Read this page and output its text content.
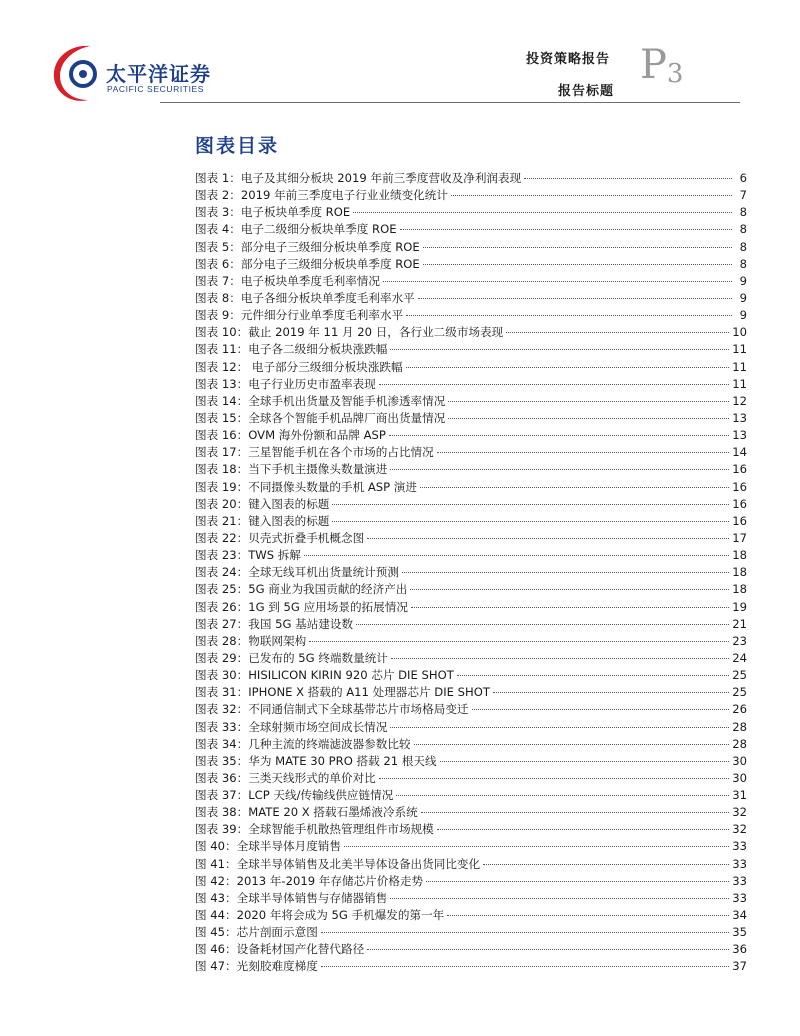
太平洋证券
PACIFIC SECURITIES
投资策略报告
报告标题
$P_3$
图表目录
图表 1：电子及其细分板块 2019 年前三季度营收及净利润表现	6
图表 2：2019 年前三季度电子行业业绩变化统计	7
图表 3：电子板块单季度 ROE	8
图表 4：电子二级细分板块单季度 ROE	8
图表 5：部分电子三级细分板块单季度 ROE	8
图表 6：部分电子三级细分板块单季度 ROE	8
图表 7：电子板块单季度毛利率情况	9
图表 8：电子各细分板块单季度毛利率水平	9
图表 9：元件细分行业单季度毛利率水平	9
图表 10：截止 2019 年 11 月 20 日，各行业二级市场表现	10
图表 11：电子各二级细分板块涨跌幅	11
图表 12： 电子部分三级细分板块涨跌幅	11
图表 13：电子行业历史市盈率表现	11
图表 14：全球手机出货量及智能手机渗透率情况	12
图表 15：全球各个智能手机品牌厂商出货量情况	13
图表 16：OVM 海外份额和品牌 ASP	13
图表 17：三星智能手机在各个市场的占比情况	14
图表 18：当下手机主摄像头数量演进	16
图表 19：不同摄像头数量的手机 ASP 演进	16
图表 20：键入图表的标题	16
图表 21：键入图表的标题	16
图表 22：贝壳式折叠手机概念图	17
图表 23：TWS 拆解	18
图表 24：全球无线耳机出货量统计预测	18
图表 25：5G 商业为我国贡献的经济产出	18
图表 26：1G 到 5G 应用场景的拓展情况	19
图表 27：我国 5G 基站建设数	21
图表 28：物联网架构	23
图表 29：已发布的 5G 终端数量统计	24
图表 30：HISILICON KIRIN 920 芯片 DIE SHOT	25
图表 31：IPHONE X 搭载的 A11 处理器芯片 DIE SHOT	25
图表 32：不同通信制式下全球基带芯片市场格局变迁	26
图表 33：全球射频市场空间成长情况	28
图表 34：几种主流的终端滤波器参数比较	28
图表 35：华为 MATE 30 PRO 搭载 21 根天线	30
图表 36：三类天线形式的单价对比	30
图表 37：LCP 天线/传输线供应链情况	31
图表 38：MATE 20 X 搭载石墨烯液冷系统	32
图表 39：全球智能手机散热管理组件市场规模	32
图 40：全球半导体月度销售	33
图 41：全球半导体销售及北美半导体设备出货同比变化	33
图 42：2013 年-2019 年存储芯片价格走势	33
图 43：全球半导体销售与存储器销售	33
图 44：2020 年将会成为 5G 手机爆发的第一年	34
图 45：芯片剖面示意图	35
图 46：设备耗材国产化替代路径	36
图 47：光刻胶难度梯度	37
